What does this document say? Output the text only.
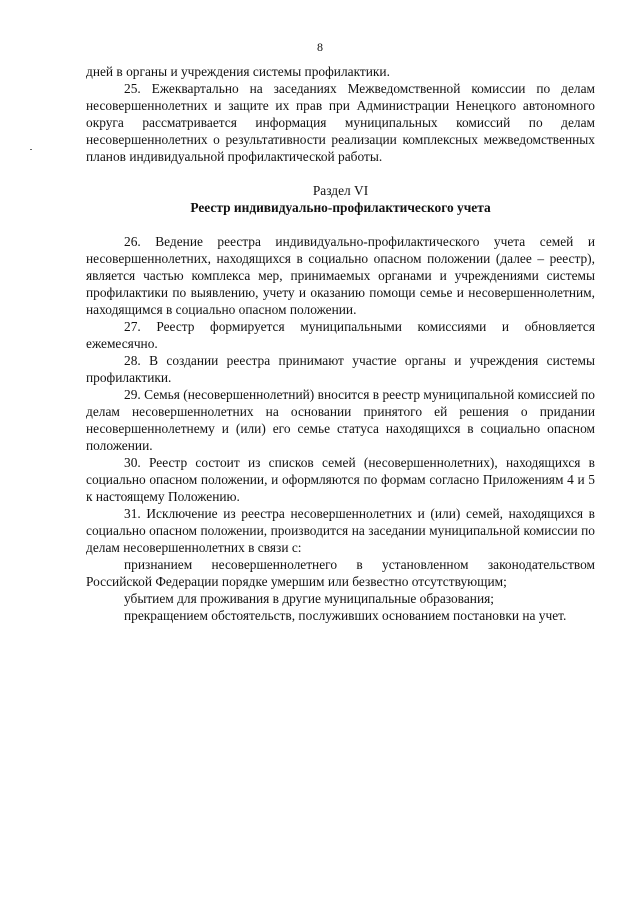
8

дней в органы и учреждения системы профилактики.

25. Ежеквартально на заседаниях Межведомственной комиссии по делам несовершеннолетних и защите их прав при Администрации Ненецкого автономного округа рассматривается информация муниципальных комиссий по делам несовершеннолетних о результативности реализации комплексных межведомственных планов индивидуальной профилактической работы.

Раздел VI

Реестр индивидуально-профилактического учета

26. Ведение реестра индивидуально-профилактического учета семей и несовершеннолетних, находящихся в социально опасном положении (далее – реестр), является частью комплекса мер, принимаемых органами и учреждениями системы профилактики по выявлению, учету и оказанию помощи семье и несовершеннолетним, находящимся в социально опасном положении.

27. Реестр формируется муниципальными комиссиями и обновляется ежемесячно.

28. В создании реестра принимают участие органы и учреждения системы профилактики.

29. Семья (несовершеннолетний) вносится в реестр муниципальной комиссией по делам несовершеннолетних на основании принятого ей решения о придании несовершеннолетнему и (или) его семье статуса находящихся в социально опасном положении.

30. Реестр состоит из списков семей (несовершеннолетних), находящихся в социально опасном положении, и оформляются по формам согласно Приложениям 4 и 5 к настоящему Положению.

31. Исключение из реестра несовершеннолетних и (или) семей, находящихся в социально опасном положении, производится на заседании муниципальной комиссии по делам несовершеннолетних в связи с:

признанием несовершеннолетнего в установленном законодательством Российской Федерации порядке умершим или безвестно отсутствующим;

убытием для проживания в другие муниципальные образования;

прекращением обстоятельств, послуживших основанием постановки на учет.
